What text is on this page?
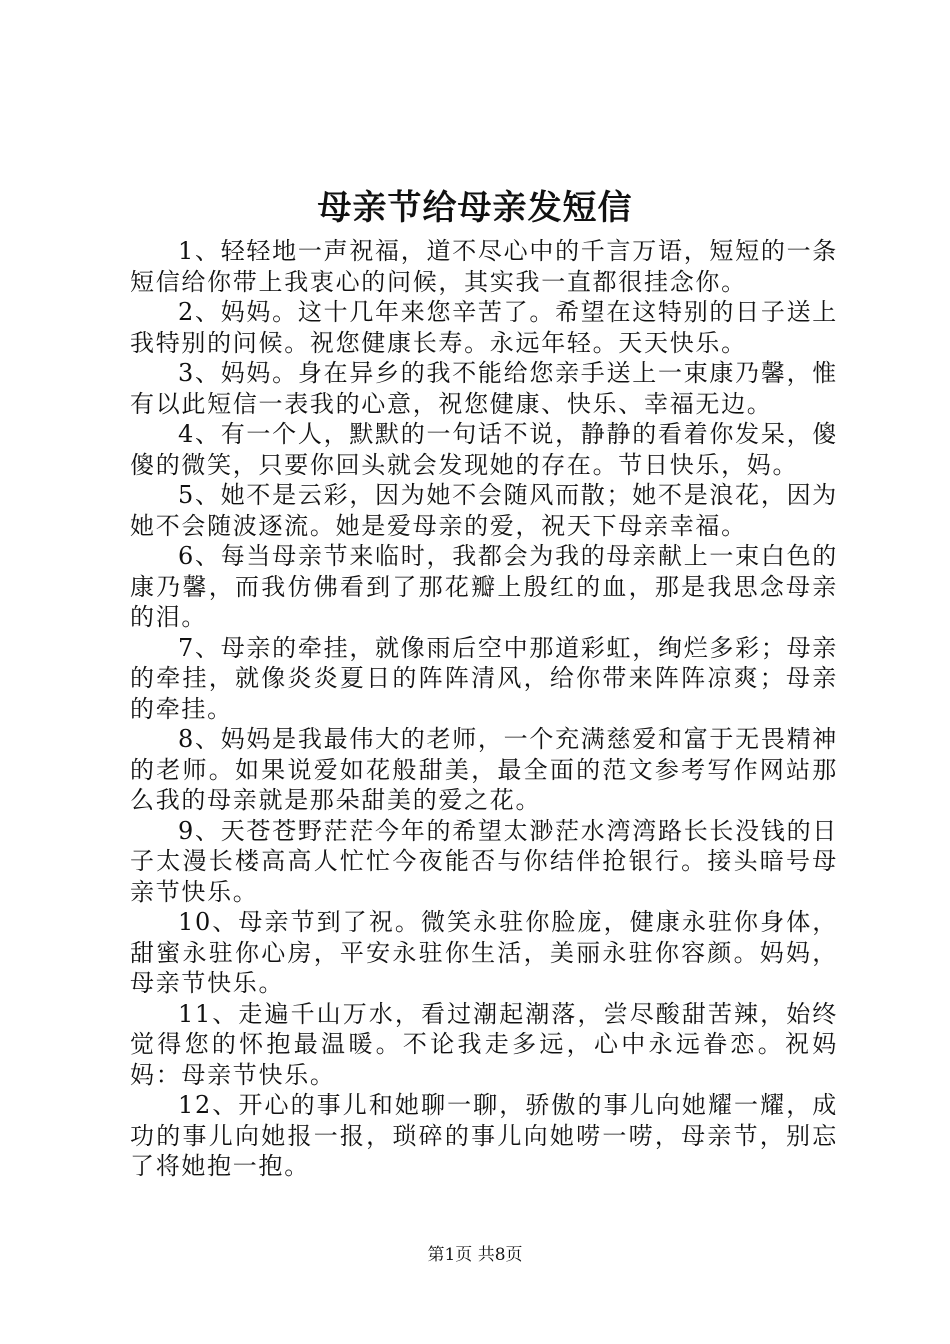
母亲节给母亲发短信

1、轻轻地一声祝福，道不尽心中的千言万语，短短的一条短信给你带上我衷心的问候，其实我一直都很挂念你。

2、妈妈。这十几年来您辛苦了。希望在这特别的日子送上我特别的问候。祝您健康长寿。永远年轻。天天快乐。

3、妈妈。身在异乡的我不能给您亲手送上一束康乃馨，惟有以此短信一表我的心意，祝您健康、快乐、幸福无边。

4、有一个人，默默的一句话不说，静静的看着你发呆，傻傻的微笑，只要你回头就会发现她的存在。节日快乐，妈。

5、她不是云彩，因为她不会随风而散；她不是浪花，因为她不会随波逐流。她是爱母亲的爱，祝天下母亲幸福。

6、每当母亲节来临时，我都会为我的母亲献上一束白色的康乃馨，而我仿佛看到了那花瓣上殷红的血，那是我思念母亲的泪。

7、母亲的牵挂，就像雨后空中那道彩虹，绚烂多彩；母亲的牵挂，就像炎炎夏日的阵阵清风，给你带来阵阵凉爽；母亲的牵挂。

8、妈妈是我最伟大的老师，一个充满慈爱和富于无畏精神的老师。如果说爱如花般甜美，最全面的范文参考写作网站那么我的母亲就是那朵甜美的爱之花。

9、天苍苍野茫茫今年的希望太渺茫水湾湾路长长没钱的日子太漫长楼高高人忙忙今夜能否与你结伴抢银行。接头暗号母亲节快乐。

10、母亲节到了祝。微笑永驻你脸庞，健康永驻你身体，甜蜜永驻你心房，平安永驻你生活，美丽永驻你容颜。妈妈，母亲节快乐。

11、走遍千山万水，看过潮起潮落，尝尽酸甜苦辣，始终觉得您的怀抱最温暖。不论我走多远，心中永远眷恋。祝妈妈：母亲节快乐。

12、开心的事儿和她聊一聊，骄傲的事儿向她耀一耀，成功的事儿向她报一报，琐碎的事儿向她唠一唠，母亲节，别忘了将她抱一抱。

第1页 共8页
